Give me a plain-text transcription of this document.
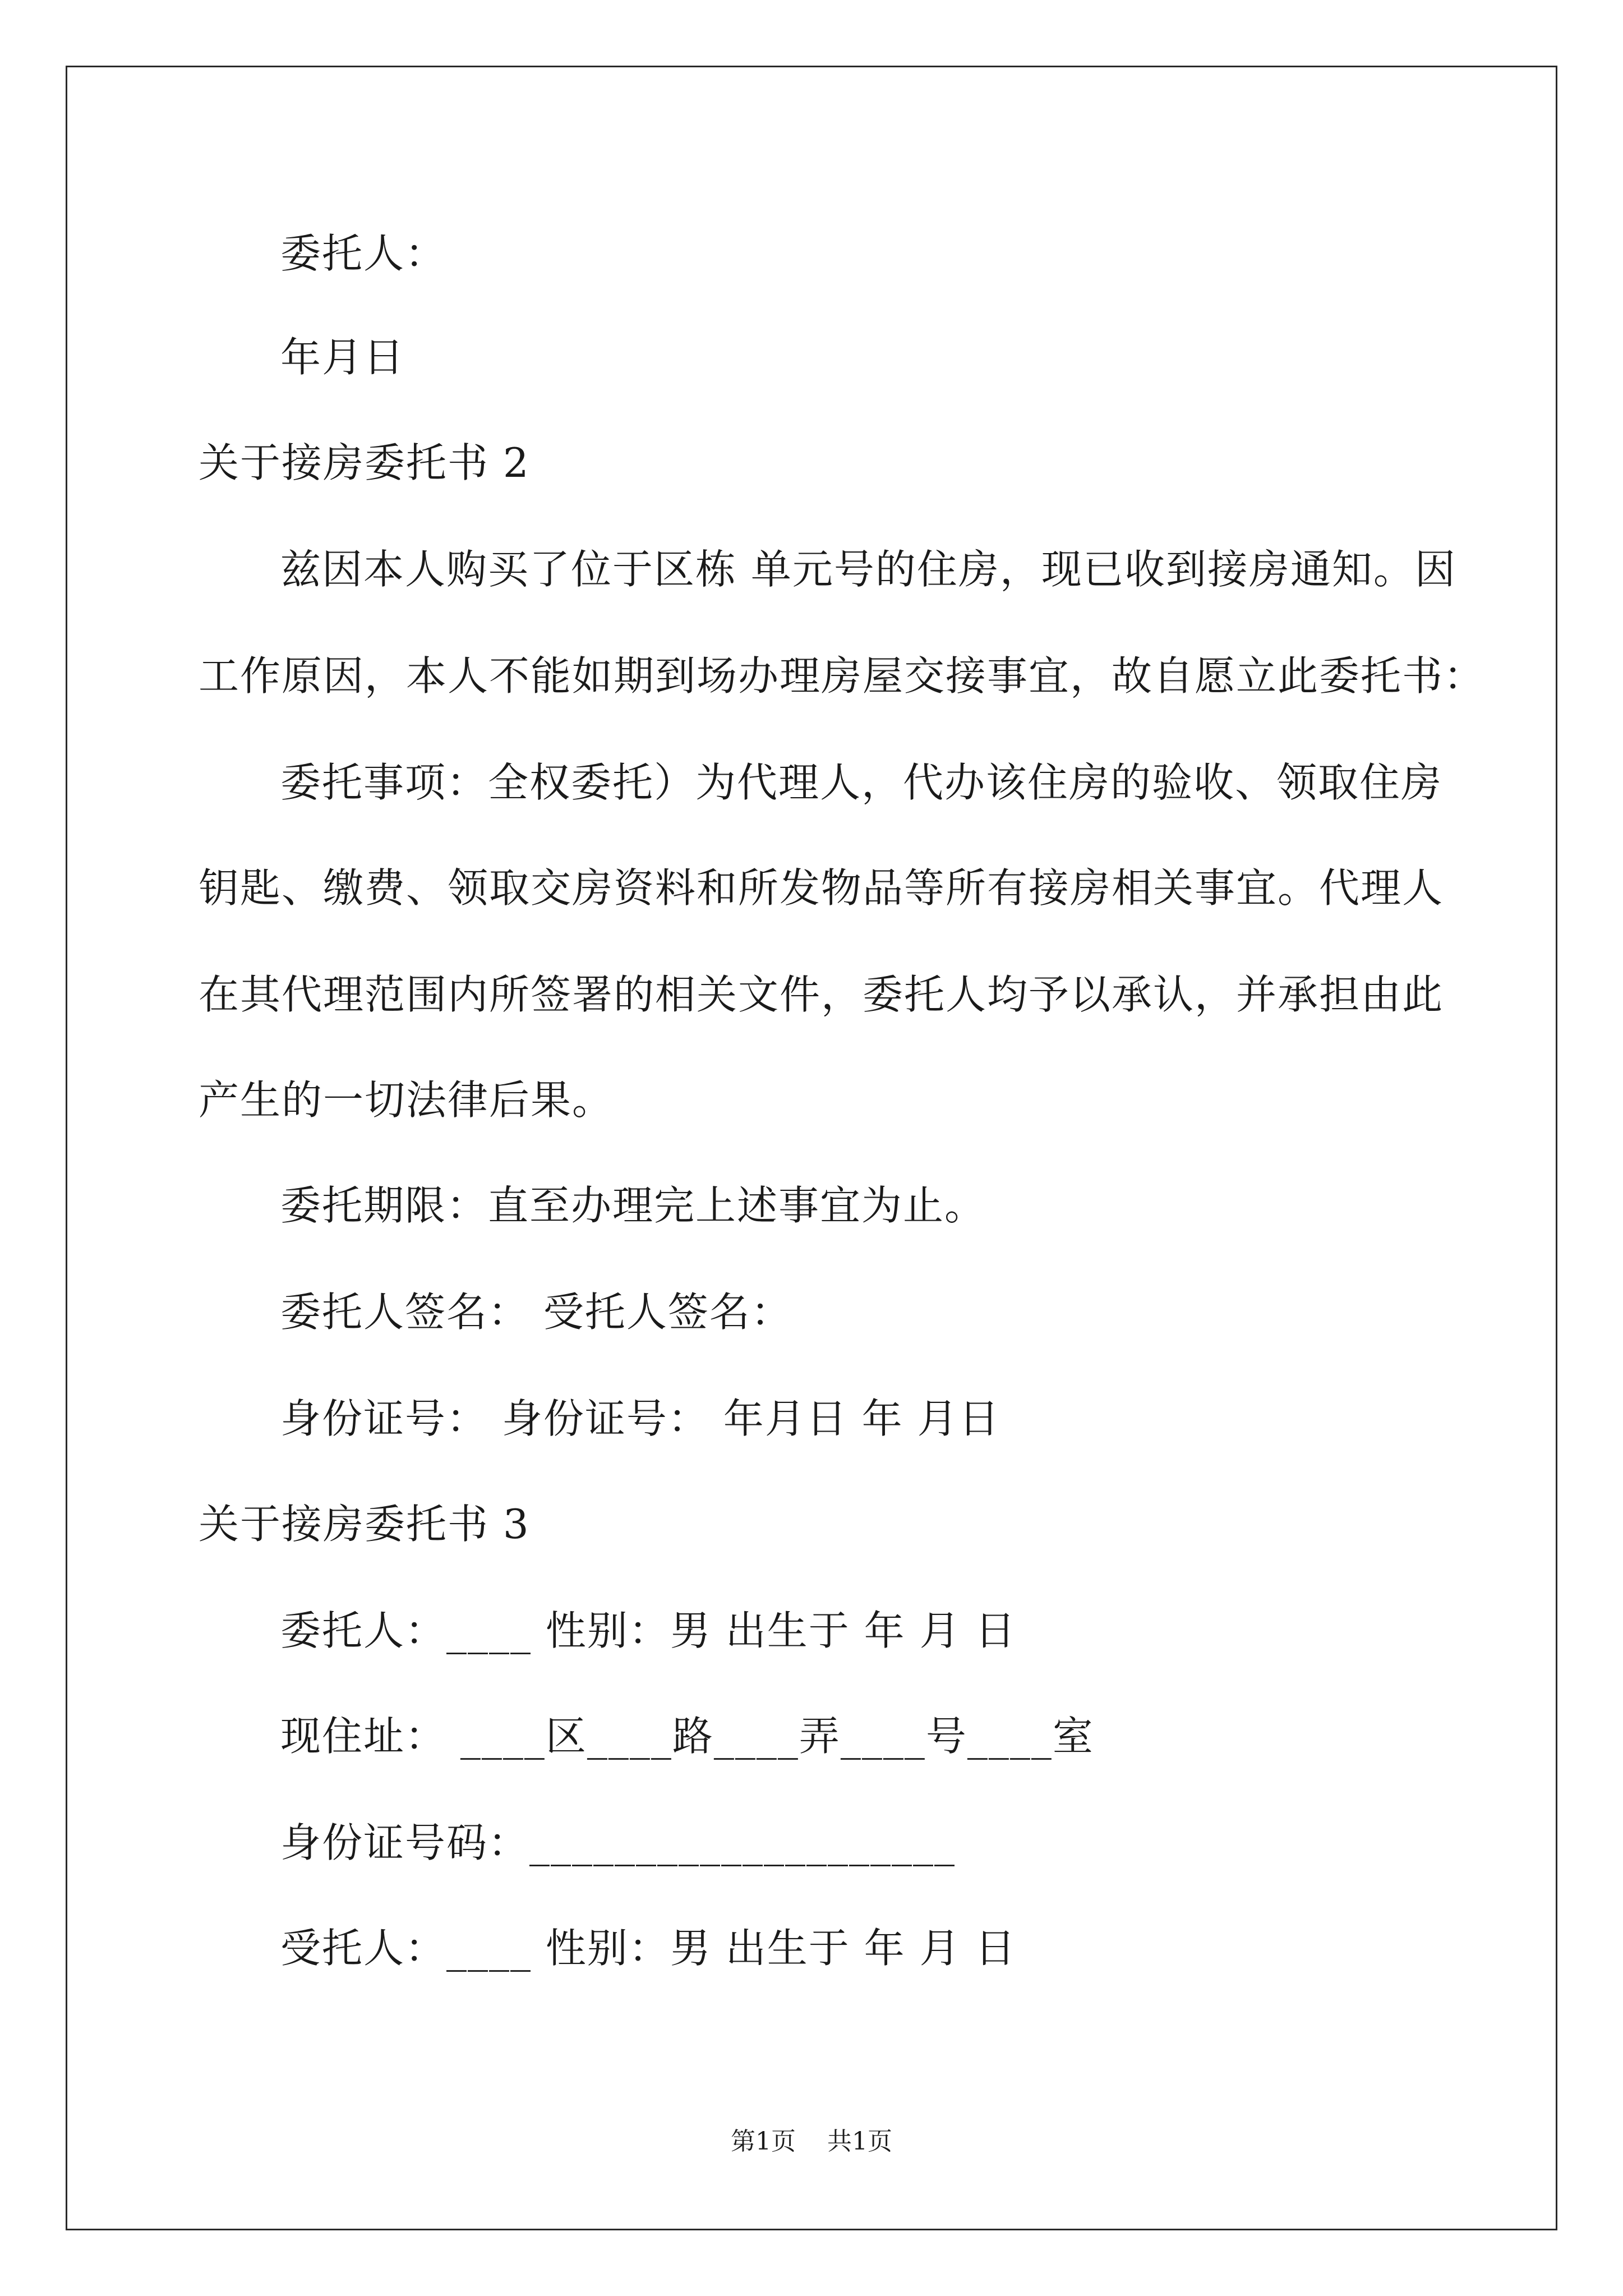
委托人：
年月日
关于接房委托书 2
兹因本人购买了位于区栋 单元号的住房，现已收到接房通知。因
工作原因，本人不能如期到场办理房屋交接事宜，故自愿立此委托书：
委托事项：全权委托）为代理人，代办该住房的验收、领取住房
钥匙、缴费、领取交房资料和所发物品等所有接房相关事宜。代理人
在其代理范围内所签署的相关文件，委托人均予以承认，并承担由此
产生的一切法律后果。
委托期限：直至办理完上述事宜为止。
委托人签名： 受托人签名：
身份证号： 身份证号： 年月日 年 月日
关于接房委托书 3
委托人：____ 性别：男 出生于 年 月 日
现住址： ____区____路____弄____号____室
身份证号码：____________________
受托人：____ 性别：男 出生于 年 月 日
第1页    共1页
